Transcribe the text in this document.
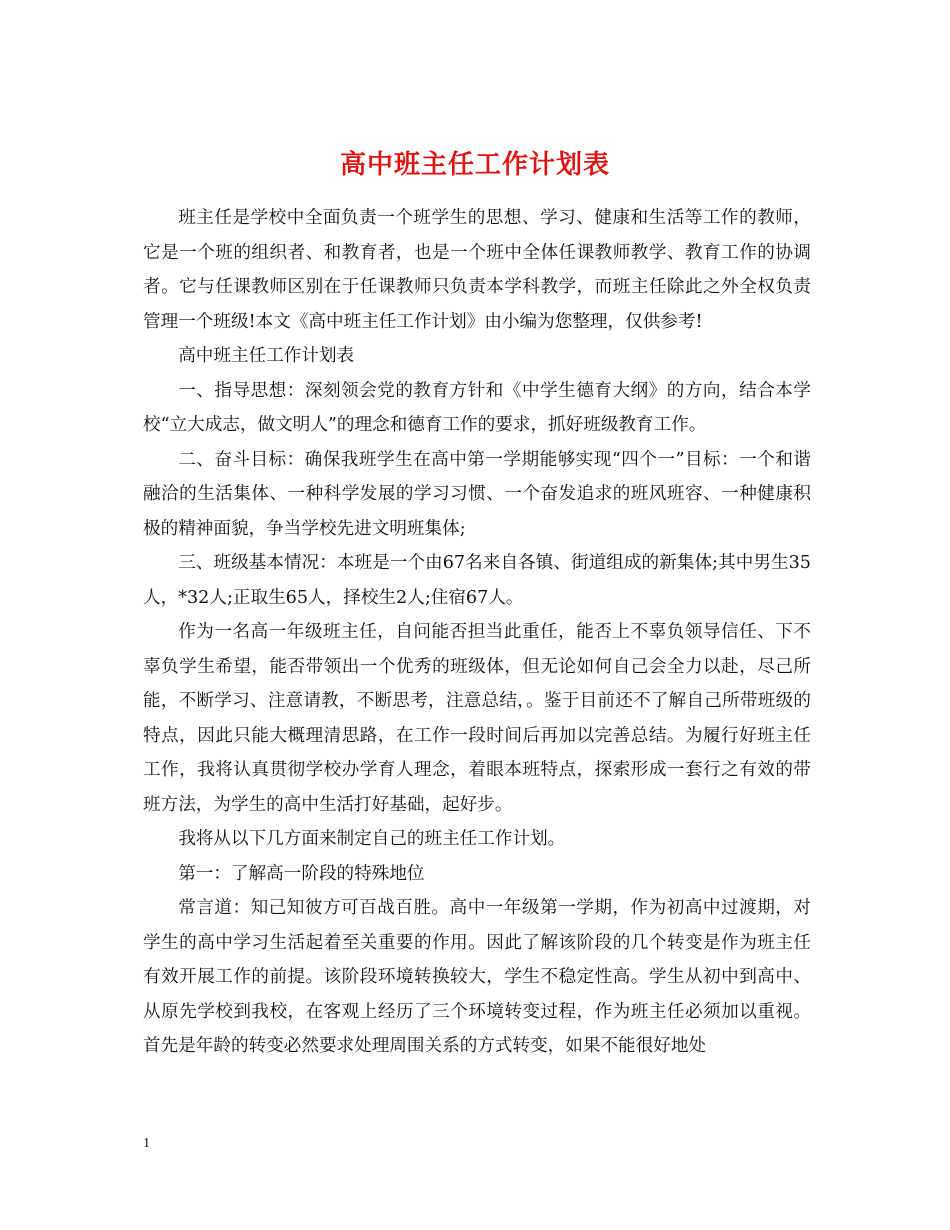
高中班主任工作计划表

班主任是学校中全面负责一个班学生的思想、学习、健康和生活等工作的教师，它是一个班的组织者、和教育者，也是一个班中全体任课教师教学、教育工作的协调者。它与任课教师区别在于任课教师只负责本学科教学，而班主任除此之外全权负责管理一个班级!本文《高中班主任工作计划》由小编为您整理，仅供参考!

高中班主任工作计划表

一、指导思想：深刻领会党的教育方针和《中学生德育大纲》的方向，结合本学校“立大成志，做文明人”的理念和德育工作的要求，抓好班级教育工作。

二、奋斗目标：确保我班学生在高中第一学期能够实现“四个一”目标：一个和谐融洽的生活集体、一种科学发展的学习习惯、一个奋发追求的班风班容、一种健康积极的精神面貌，争当学校先进文明班集体;

三、班级基本情况：本班是一个由67名来自各镇、街道组成的新集体;其中男生35人，*32人;正取生65人，择校生2人;住宿67人。

作为一名高一年级班主任，自问能否担当此重任，能否上不辜负领导信任、下不辜负学生希望，能否带领出一个优秀的班级体，但无论如何自己会全力以赴，尽己所能，不断学习、注意请教，不断思考，注意总结，。鉴于目前还不了解自己所带班级的特点，因此只能大概理清思路，在工作一段时间后再加以完善总结。为履行好班主任工作，我将认真贯彻学校办学育人理念，着眼本班特点，探索形成一套行之有效的带班方法，为学生的高中生活打好基础，起好步。

我将从以下几方面来制定自己的班主任工作计划。

第一：了解高一阶段的特殊地位

常言道：知己知彼方可百战百胜。高中一年级第一学期，作为初高中过渡期，对学生的高中学习生活起着至关重要的作用。因此了解该阶段的几个转变是作为班主任有效开展工作的前提。该阶段环境转换较大，学生不稳定性高。学生从初中到高中、从原先学校到我校，在客观上经历了三个环境转变过程，作为班主任必须加以重视。首先是年龄的转变必然要求处理周围关系的方式转变，如果不能很好地处

1
